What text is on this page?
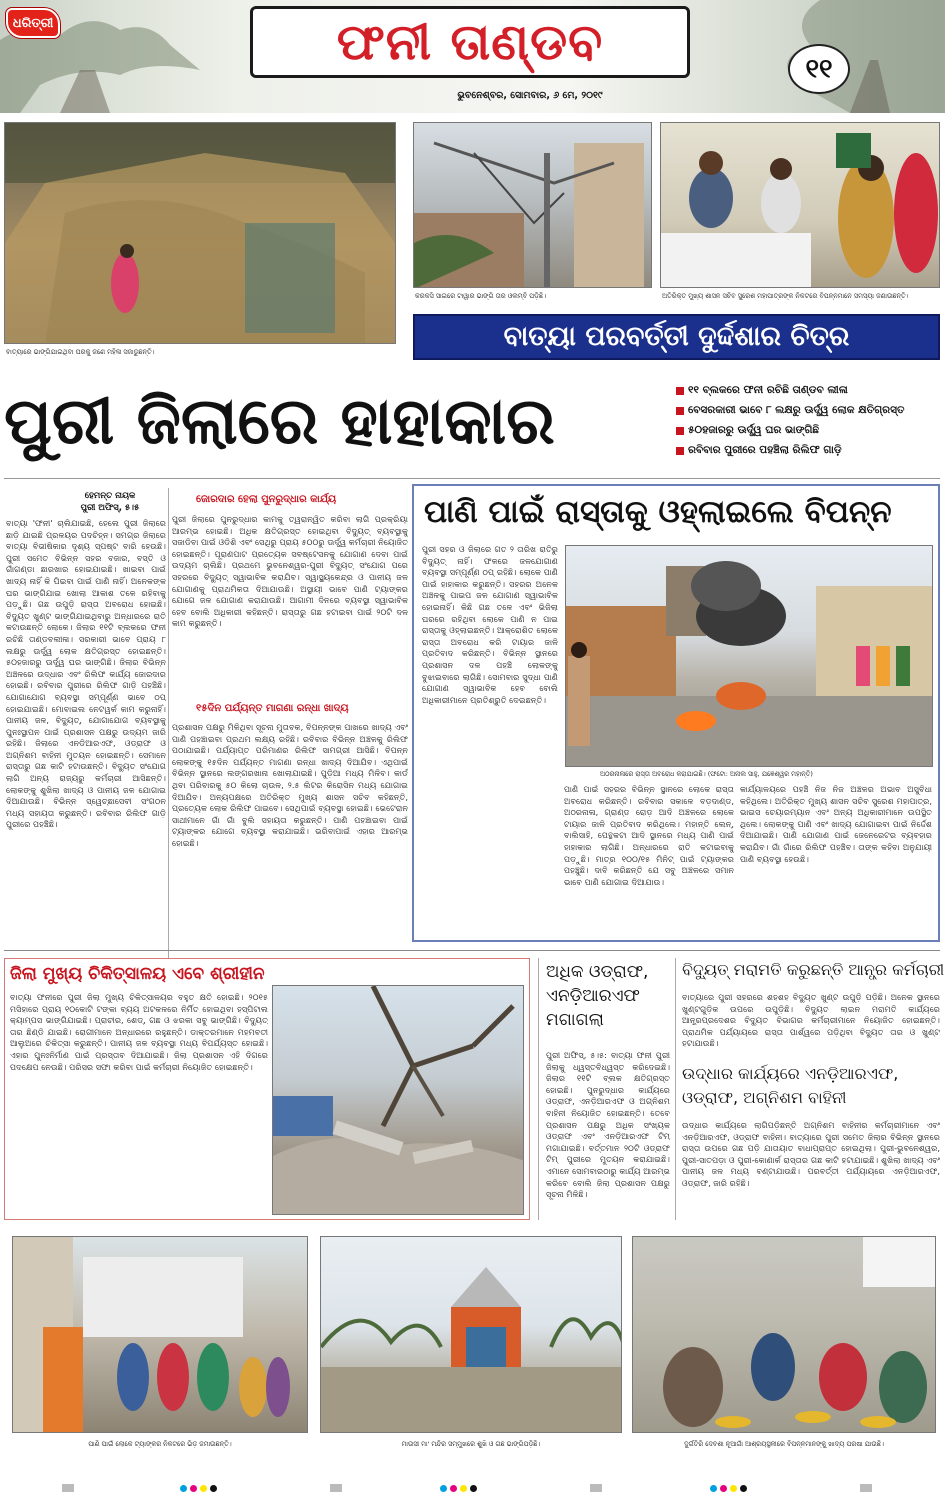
ଧରିତ୍ରୀ	ଫନୀ ତାଣ୍ଡବ
ଭୁବନେଶ୍ବର, ସୋମବାର, ୬ ମେ, ୨୦୧୯
୧୧
ବାତ୍ୟାରେ ଭାଙ୍ଗିଯାଇଥିବା ଘରକୁ ଜଣେ ମହିଳା ସଜାଡୁଛନ୍ତି।
କରକସି ସାଇରେ ଟାୱାର ଭାଙ୍ଗି ତାର ଓଲମ୍ବି ପଡ଼ିଛି।	ଅତିରିକ୍ତ ମୁଖ୍ୟ ଶାସନ ସଚିବ ସୁରେଶ ମହାପାତ୍ରଙ୍କ ନିକଟରେ ବିପନ୍ନମାନେ ସମସ୍ୟା ଜଣାଉଛନ୍ତି।
ବାତ୍ୟା ପରବର୍ତ୍ତୀ ଦୁର୍ଦ୍ଦଶାର ଚିତ୍ର
ପୁରୀ ଜିଲାରେ ହାହାକାର	୧୧ ବ୍ଲକରେ ଫନୀ ରଚିଛି ତାଣ୍ଡବ ଲୀଳା
ବେସରକାରୀ ଭାବେ ୮ ଲକ୍ଷରୁ ଊର୍ଦ୍ଧ୍ୱ ଲୋକ କ୍ଷତିଗ୍ରସ୍ତ
୫୦ହଜାରରୁ ଊର୍ଦ୍ଧ୍ୱ ଘର ଭାଙ୍ଗିଛି
ରବିବାର ପୁରୀରେ ପହଞ୍ଚିଲା ରିଲିଫ ଗାଡ଼ି
ହେମନ୍ତ ନାୟକ
ପୁରୀ ଅଫିସ୍, ୫।୫
ବାତ୍ୟା 'ଫନୀ' ଚାଲିଯାଇଛି, ହେଲେ ପୁରୀ ଜିଲାରେ ଛାଡ଼ି ଯାଇଛି ପ୍ରଳୟର ପଦଚିହ୍ନ। ସମଗ୍ର ଜିଲାରେ ବାତ୍ୟା ବିଭୀଷିକାର ଦୃଶ୍ୟ ସ୍ପଷ୍ଟ ବାରି ହେଉଛି। ପୁରୀ ସମେତ ବିଭିନ୍ନ ସହର ବଜାର, ବସ୍ତି ଓ ଗାଁଗଣ୍ଡା ଛାରଖାର ହୋଇଯାଇଛି। ଖାଇବା ପାଇଁ ଖାଦ୍ୟ ନାହିଁ କି ପିଇବା ପାଇଁ ପାଣି ନାହିଁ। ଅନେକଙ୍କ ଘର ଭାଙ୍ଗିଯାଇ ଖୋଲା ଆକାଶ ତଳେ ରହିବାକୁ ପଡ଼ୁଛି। ଗଛ ଉପୁଡ଼ି ରାସ୍ତା ଅବରୋଧ ହୋଇଛି। ବିଦ୍ୟୁତ ଖୁଣ୍ଟ ଭାଙ୍ଗିଯାଇଥିବାରୁ ଅନ୍ଧାରରେ ରାତି କଟାଉଛନ୍ତି ଲୋକେ। ଜିଲାର ୧୧ଟି ବ୍ଲକରେ ଫନୀ ରଚିଛି ତାଣ୍ଡବଲୀଳା। ସରକାରୀ ଭାବେ ପ୍ରାୟ ୮ ଲକ୍ଷରୁ ଊର୍ଦ୍ଧ୍ୱ ଲୋକ କ୍ଷତିଗ୍ରସ୍ତ ହୋଇଛନ୍ତି। ୫୦ହଜାରରୁ ଊର୍ଦ୍ଧ୍ୱ ଘର ଭାଙ୍ଗିଛି। ଜିଲାର ବିଭିନ୍ନ ଅଞ୍ଚଳରେ ଉଦ୍ଧାର ଏବଂ ରିଲିଫ କାର୍ଯ୍ୟ ଜୋରଦାର ହୋଇଛି। ରବିବାର ପୁରୀରେ ରିଲିଫ ଗାଡ଼ି ପହଞ୍ଚିଛି। ଯୋଗାଯୋଗ ବ୍ୟବସ୍ଥା ସମ୍ପୂର୍ଣ୍ଣ ଭାବେ ଠପ୍ ହୋଇଯାଇଛି। ମୋବାଇଲ ନେଟୱର୍କ କାମ କରୁନାହିଁ। ପାନୀୟ ଜଳ, ବିଦ୍ୟୁତ୍, ଯୋଗାଯୋଗ ବ୍ୟବସ୍ଥାକୁ ପୁନଃସ୍ଥାପନ ପାଇଁ ପ୍ରଶାସନ ପକ୍ଷରୁ ଉଦ୍ୟମ ଜାରି ରହିଛି। ଜିଲାରେ ଏନଡିଆରଏଫ, ଓଡ୍ରାଫ ଓ ଅଗ୍ନିଶମ ବାହିନୀ ମୁତୟନ ହୋଇଛନ୍ତି। ସେମାନେ ରାସ୍ତାରୁ ଗଛ କାଟି ହଟାଉଛନ୍ତି। ବିଦ୍ୟୁତ ସଂଯୋଗ ଲାଗି ଅନ୍ୟ ରାଜ୍ୟରୁ କର୍ମଚାରୀ ଆସିଛନ୍ତି। ଲୋକଙ୍କୁ ଶୁଖିଲା ଖାଦ୍ୟ ଓ ପାନୀୟ ଜଳ ଯୋଗାଇ ଦିଆଯାଉଛି। ବିଭିନ୍ନ ସ୍ୱେଚ୍ଛାସେବୀ ସଂଗଠନ ମଧ୍ୟ ସହାୟତା କରୁଛନ୍ତି। ରବିବାର ରିଲିଫ ଗାଡ଼ି ପୁରୀରେ ପହଞ୍ଚିଛି।
ଜୋରଦାର ହେଲା ପୁନରୁଦ୍ଧାର କାର୍ଯ୍ୟ
ପୁରୀ ଜିଲାରେ ପୁନରୁଦ୍ଧାର କାମକୁ ତ୍ୱରାନ୍ୱିତ କରିବା ଲାଗି ପ୍ରକ୍ରିୟା ଆରମ୍ଭ ହୋଇଛି। ଅଧିକ କ୍ଷତିଗ୍ରସ୍ତ ହୋଇଥିବା ବିଦ୍ୟୁତ୍ ବ୍ୟବସ୍ଥାକୁ ସଜାଡିବା ପାଇଁ ଓଡିଶି ଏବଂ ସେଥିରୁ ପ୍ରାୟ ୫୦୦ରୁ ଊର୍ଦ୍ଧ୍ୱ କର୍ମଚାରୀ ନିୟୋଜିତ ହୋଇଛନ୍ତି। ପୂରାଣପାଟ ପ୍ରତ୍ୟେକ ସବଷ୍ଟେସନକୁ ଯୋଗାଣ ଦେବା ପାଇଁ ଉଦ୍ୟମ ଚାଲିଛି। ପ୍ରଥମେ ଭୁବନେଶ୍ୱର-ପୁରୀ ବିଦ୍ୟୁତ୍ ସଂଯୋଗ ପରେ ସହରରେ ବିଦ୍ୟୁତ୍ ସ୍ୱାଭାବିକ କରାଯିବ। ସ୍ୱାସ୍ଥ୍ୟକେନ୍ଦ୍ର ଓ ପାନୀୟ ଜଳ ଯୋଗାଣକୁ ପ୍ରାଥମିକତା ଦିଆଯାଉଛି। ଅସ୍ଥାୟୀ ଭାବେ ପାଣି ଟ୍ୟାଙ୍କର ଯୋଗେ ଜଳ ଯୋଗାଣ କରାଯାଉଛି। ଆଗାମୀ ଦିନରେ ବ୍ୟବସ୍ଥା ସ୍ୱାଭାବିକ ହେବ ବୋଲି ଅଧିକାରୀ କହିଛନ୍ତି। ରାସ୍ତାରୁ ଗଛ ହଟାଇବା ପାଇଁ ୨୦ଟି ଦଳ କାମ କରୁଛନ୍ତି।
୧୫ଦିନ ପର୍ଯ୍ୟନ୍ତ ମାଗଣା ରନ୍ଧା ଖାଦ୍ୟ
ପ୍ରଶାସନ ପକ୍ଷରୁ ମିଳିଥିବା ସୂଚନା ମୁତାବକ, ବିପନ୍ନଙ୍କ ପାଖରେ ଖାଦ୍ୟ ଏବଂ ପାଣି ପହଞ୍ଚାଇବା ପ୍ରଥମ ଲକ୍ଷ୍ୟ ରହିଛି। ରବିବାର ବିଭିନ୍ନ ଅଞ୍ଚଳକୁ ରିଲିଫ ପଠାଯାଇଛି। ପର୍ଯ୍ୟାପ୍ତ ପରିମାଣର ରିଲିଫ ସାମଗ୍ରୀ ଆସିଛି। ବିପନ୍ନ ଲୋକଙ୍କୁ ୧୫ଦିନ ପର୍ଯ୍ୟନ୍ତ ମାଗଣା ରନ୍ଧା ଖାଦ୍ୟ ଦିଆଯିବ। ଏଥିପାଇଁ ବିଭିନ୍ନ ସ୍ଥାନରେ ଲଙ୍ଗରଖାନା ଖୋଲାଯାଇଛି। ପୁଡ଼ିଆ ମଧ୍ୟ ମିଳିବ। କାର୍ଡ ଥିବା ପରିବାରକୁ ୫୦ କିଲୋ ଚାଉଳ, ୨.୫ ଲିଟର କିରୋସିନ ମଧ୍ୟ ଯୋଗାଇ ଦିଆଯିବ। ଅନ୍ୟପକ୍ଷରେ ଅତିରିକ୍ତ ମୁଖ୍ୟ ଶାସନ ସଚିବ କହିଛନ୍ତି, ପ୍ରତ୍ୟେକ ଲୋକ ରିଲିଫ ପାଇବେ। ସେଥିପାଇଁ ବ୍ୟବସ୍ଥା ହୋଇଛି। ଭେଟେରାନ ସାଥୀମାନେ ଗାଁ ଗାଁ ବୁଲି ସହାୟତା କରୁଛନ୍ତି। ପାଣି ପହଞ୍ଚାଇବା ପାଇଁ ଟ୍ୟାଙ୍କର ଯୋଗେ ବ୍ୟବସ୍ଥା କରାଯାଇଛି। ଭରିବାପାଇଁ ଏହାର ଆରମ୍ଭ ହୋଇଛି।
ପାଣି ପାଇଁ ରାସ୍ତାକୁ ଓହ୍ଲାଇଲେ ବିପନ୍ନ
ପୁରୀ ସହର ଓ ଜିଲାରେ ଗତ ୨ ତାରିଖ ରାତିରୁ ବିଦ୍ୟୁତ୍ ନାହିଁ। ଫଳରେ ଜଳଯୋଗାଣ ବ୍ୟବସ୍ଥା ସମ୍ପୂର୍ଣ୍ଣ ଠପ୍ ରହିଛି। ଲୋକେ ପାଣି ପାଇଁ ହାହାକାର କରୁଛନ୍ତି। ସହରର ଅନେକ ଅଞ୍ଚଳକୁ ପାଇପ ଜଳ ଯୋଗାଣ ସ୍ୱାଭାବିକ ହୋଇନାହିଁ। କିଛି ଗଛ ତଳେ ଏବଂ ଭିଜିଲା ଘରରେ ରହିଥିବା ଲୋକେ ପାଣି ନ ପାଇ ରାସ୍ତାକୁ ଓହ୍ଲାଇଛନ୍ତି। ଆକ୍ରୋଶିତ ଲୋକେ ରାସ୍ତା ଅବରୋଧ କରି ଟାୟାର ଜାଳି ପ୍ରତିବାଦ କରିଛନ୍ତି। ବିଭିନ୍ନ ସ୍ଥାନରେ ପ୍ରଶାସନ ଦଳ ପହଞ୍ଚି ଲୋକଙ୍କୁ ବୁଝାଇବାରେ ଲାଗିଛି। ସୋମବାର ସୁଦ୍ଧା ପାଣି ଯୋଗାଣ ସ୍ୱାଭାବିକ ହେବ ବୋଲି ଅଧିକାରୀମାନେ ପ୍ରତିଶ୍ରୁତି ଦେଇଛନ୍ତି।
ଅଠରନାଳାରେ ରାସ୍ତା ଅବରୋଧ କରାଯାଇଛି। (ଫଟୋ: ଅନାଲ ସାହୁ, ଯଜ୍ଞେଶ୍ୱର ମହାନ୍ତି)
ପାଣି ପାଇଁ ସହରର ବିଭିନ୍ନ ସ୍ଥାନରେ ଲୋକେ ରାସ୍ତା ଅବରୋଧ କରିଛନ୍ତି। ରବିବାର ସକାଳେ ବଡ଼ଦାଣ୍ଡ, ଅଠରନାଳା, ଗ୍ରାଣ୍ଡ ରୋଡ଼ ଆଦି ଅଞ୍ଚଳରେ ଲୋକେ ଟାୟାର ଜାଳି ପ୍ରତିବାଦ କରିଥିଲେ। ମହାନ୍ତି ଲେନ୍, ବାଲିସାହି, ପେନ୍ଥକଟା ଆଦି ସ୍ଥାନରେ ମଧ୍ୟ ପାଣି ପାଇଁ ହାହାକାର ଲାଗିଛି। ଅନ୍ଧାରରେ ରାତି କଟାଇବାକୁ ପଡ଼ୁଛି। ମାତ୍ର ୧୦୦/୧୫ ମିନିଟ୍ ପାଇଁ ଟ୍ୟାଙ୍କର ପହଞ୍ଚୁଛି। ଦାବି କରିଛନ୍ତି ଯେ ସବୁ ଅଞ୍ଚଳରେ ସମାନ ଭାବେ ପାଣି ଯୋଗାଇ ଦିଆଯାଉ।
କାର୍ଯ୍ୟାଳୟରେ ପହଞ୍ଚି ନିଜ ନିଜ ଅଞ୍ଚଳର ଅଭାବ ଅସୁବିଧା କହିଥିଲେ। ଅତିରିକ୍ତ ମୁଖ୍ୟ ଶାସନ ସଚିବ ସୁରେଶ ମହାପାତ୍ର, ଭାଇସ ଚେୟାରମ୍ୟାନ ଏବଂ ଅନ୍ୟ ଅଧିକାରୀମାନେ ଉପସ୍ଥିତ ଥିଲେ। ଲୋକଙ୍କୁ ପାଣି ଏବଂ ଖାଦ୍ୟ ଯୋଗାଇବା ପାଇଁ ନିର୍ଦ୍ଦେଶ ଦିଆଯାଇଛି। ପାଣି ଯୋଗାଣ ପାଇଁ ଜେନେରେଟର ବ୍ୟବହାର କରାଯିବ। ଗାଁ ଗାଁରେ ରିଲିଫ ପହଞ୍ଚିବ। ତାଙ୍କ କହିବା ଅନୁଯାୟୀ ପାଣି ବ୍ୟବସ୍ଥା ହେଉଛି।
ଜିଲା ମୁଖ୍ୟ ଚିକିତ୍ସାଳୟ ଏବେ ଶ୍ରୀହୀନ
ବାତ୍ୟା ଫନୀରେ ପୁରୀ ଜିଲା ମୁଖ୍ୟ ଚିକିତ୍ସାଳୟର ବହୁତ କ୍ଷତି ହୋଇଛି। ୨୦୧୫ ମସିହାରେ ପ୍ରାୟ ୧୦କୋଟି ଟଙ୍କା ବ୍ୟୟ ଅଟକଳରେ ନିର୍ମିତ ହୋଇଥିବା ହସ୍ପିଟାଲ କ୍ୟାମ୍ପସ ଭାଙ୍ଗିଯାଇଛି। ପ୍ରାଚୀର, ଶେଡ୍, ଗଛ ଓ ଝରକା ସବୁ ଭାଙ୍ଗିଛି। ବିଦ୍ୟୁତ୍ ତାର ଛିଣ୍ଡି ଯାଇଛି। ରୋଗୀମାନେ ଅନ୍ଧାରରେ ରହୁଛନ୍ତି। ଡାକ୍ତରମାନେ ମହମବତୀ ଆଲୁଅରେ ଚିକିତ୍ସା କରୁଛନ୍ତି। ପାନୀୟ ଜଳ ବ୍ୟବସ୍ଥା ମଧ୍ୟ ବିପର୍ଯ୍ୟସ୍ତ ହୋଇଛି। ଏହାର ପୁନଃନିର୍ମାଣ ପାଇଁ ପ୍ରସ୍ତାବ ଦିଆଯାଇଛି। ଜିଲା ପ୍ରଶାସନ ଏହି ଦିଗରେ ପଦକ୍ଷେପ ନେଉଛି। ପରିସର ସଫା କରିବା ପାଇଁ କର୍ମଚାରୀ ନିୟୋଜିତ ହୋଇଛନ୍ତି।
ଅଧିକ ଓଡ୍ରାଫ, ଏନଡ଼ିଆରଏଫ ମଗାଗଲା
ପୁରୀ ଅଫିସ୍, ୫।୫: ବାତ୍ୟା ଫନୀ ପୁରୀ ଜିଲାକୁ ଧ୍ୱସ୍ତବିଧ୍ୱସ୍ତ କରିଦେଇଛି। ଜିଲାର ୧୧ଟି ବ୍ଲକ କ୍ଷତିଗ୍ରସ୍ତ ହୋଇଛି। ପୁନରୁଦ୍ଧାର କାର୍ଯ୍ୟରେ ଓଡ୍ରାଫ, ଏନଡ଼ିଆରଏଫ ଓ ଅଗ୍ନିଶମ ବାହିନୀ ନିୟୋଜିତ ହୋଇଛନ୍ତି। ତେବେ ପ୍ରଶାସନ ପକ୍ଷରୁ ଅଧିକ ସଂଖ୍ୟକ ଓଡ୍ରାଫ ଏବଂ ଏନଡ଼ିଆରଏଫ ଟିମ୍ ମଗାଯାଇଛି। ବର୍ତ୍ତମାନ ୨୦ଟି ଓଡ୍ରାଫ ଟିମ୍ ପୁରୀରେ ମୁତୟନ କରାଯାଇଛି। ଏମାନେ ସୋମବାରଠାରୁ କାର୍ଯ୍ୟ ଆରମ୍ଭ କରିବେ ବୋଲି ଜିଲା ପ୍ରଶାସନ ପକ୍ଷରୁ ସୂଚନା ମିଳିଛି।
ବିଦ୍ୟୁତ୍ ମରାମତି କରୁଛନ୍ତି ଆନ୍ଧ୍ର କର୍ମଚାରୀ
ବାତ୍ୟାରେ ପୁରୀ ସହରରେ ଶହଶହ ବିଦ୍ୟୁତ ଖୁଣ୍ଟ ଉପୁଡ଼ି ପଡ଼ିଛି। ଅନେକ ସ୍ଥାନରେ ଖୁଣ୍ଟଗୁଡ଼ିକ ଉପରେ ଉପୁଡ଼ିଛି। ବିଦ୍ୟୁତ ଲାଇନ ମରାମତି କାର୍ଯ୍ୟରେ ଆନ୍ଧ୍ରପ୍ରଦେଶର ବିଦ୍ୟୁତ ବିଭାଗର କର୍ମଚାରୀମାନେ ନିୟୋଜିତ ହୋଇଛନ୍ତି। ପ୍ରାଥମିକ ପର୍ଯ୍ୟାୟରେ ରାସ୍ତା ପାର୍ଶ୍ୱରେ ପଡ଼ିଥିବା ବିଦ୍ୟୁତ ତାର ଓ ଖୁଣ୍ଟ ହଟାଯାଉଛି।
ଉଦ୍ଧାର କାର୍ଯ୍ୟରେ ଏନଡ଼ିଆରଏଫ, ଓଡ୍ରାଫ, ଅଗ୍ନିଶମ ବାହିନୀ
ଉଦ୍ଧାର କାର୍ଯ୍ୟରେ ଲାଗିପଡ଼ିଛନ୍ତି ଅଗ୍ନିଶମ ବାହିନୀର କର୍ମଚାରୀମାନେ ଏବଂ ଏନଡ଼ିଆରଏଫ, ଓଡ୍ରାଫ ବାହିନୀ। ବାତ୍ୟାରେ ପୁରୀ ସମେତ ଜିଲାର ବିଭିନ୍ନ ସ୍ଥାନରେ ରାସ୍ତା ଉପରେ ଗଛ ପଡ଼ି ଯାତାୟାତ ବାଧାପ୍ରାପ୍ତ ହୋଇଥିଲା। ପୁରୀ-ଭୁବନେଶ୍ୱର, ପୁରୀ-ସାତପଡ଼ା ଓ ପୁରୀ-କୋଣାର୍କ ରାସ୍ତାର ଗଛ କାଟି ହଟାଯାଇଛି। ଶୁଖିଲା ଖାଦ୍ୟ ଏବଂ ପାନୀୟ ଜଳ ମଧ୍ୟ ବଣ୍ଟାଯାଉଛି। ପରବର୍ତ୍ତୀ ପର୍ଯ୍ୟାୟରେ ଏନଡ଼ିଆରଏଫ, ଓଡ୍ରାଫ, ଜାରି ରହିଛି।
ପାଣି ପାଇଁ ଲୋକେ ଟ୍ୟାଙ୍କର ନିକଟରେ ଭିଡ଼ ଜମାଉଛନ୍ତି।	ମାଉସୀ ମା' ମନ୍ଦିର ସମ୍ମୁଖରେ ଶୁଖି ଓ ଗଛ ଭାଙ୍ଗିପଡ଼ିଛି।	ଦୁର୍ଗତିରି ଦେବଶା ନୂଆଗାଁ ଆଶ୍ରୟସ୍ଥଳୀରେ ବିପନ୍ନମାନଙ୍କୁ ଖାଦ୍ୟ ପରଷା ଯାଉଛି।
